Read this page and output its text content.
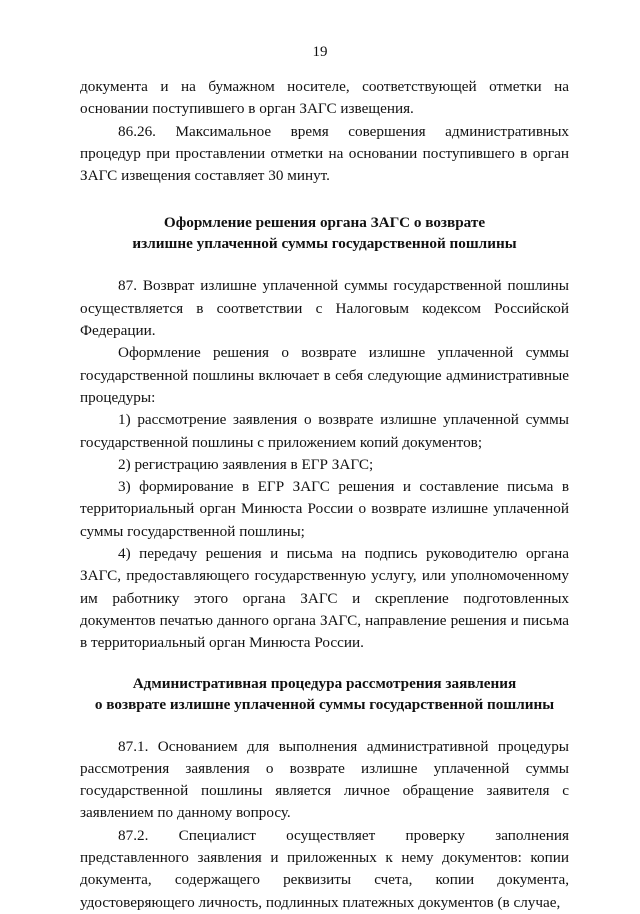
19

документа и на бумажном носителе, соответствующей отметки на основании поступившего в орган ЗАГС извещения.

86.26. Максимальное время совершения административных процедур при проставлении отметки на основании поступившего в орган ЗАГС извещения составляет 30 минут.

Оформление решения органа ЗАГС о возврате
излишне уплаченной суммы государственной пошлины

87. Возврат излишне уплаченной суммы государственной пошлины осуществляется в соответствии с Налоговым кодексом Российской Федерации.

Оформление решения о возврате излишне уплаченной суммы государственной пошлины включает в себя следующие административные процедуры:

1) рассмотрение заявления о возврате излишне уплаченной суммы государственной пошлины с приложением копий документов;

2) регистрацию заявления в ЕГР ЗАГС;

3) формирование в ЕГР ЗАГС решения и составление письма в территориальный орган Минюста России о возврате излишне уплаченной суммы государственной пошлины;

4) передачу решения и письма на подпись руководителю органа ЗАГС, предоставляющего государственную услугу, или уполномоченному им работнику этого органа ЗАГС и скрепление подготовленных документов печатью данного органа ЗАГС, направление решения и письма в территориальный орган Минюста России.

Административная процедура рассмотрения заявления
о возврате излишне уплаченной суммы государственной пошлины

87.1. Основанием для выполнения административной процедуры рассмотрения заявления о возврате излишне уплаченной суммы государственной пошлины является личное обращение заявителя с заявлением по данному вопросу.

87.2. Специалист осуществляет проверку заполнения представленного заявления и приложенных к нему документов: копии документа, содержащего реквизиты счета, копии документа, удостоверяющего личность, подлинных платежных документов (в случае,
